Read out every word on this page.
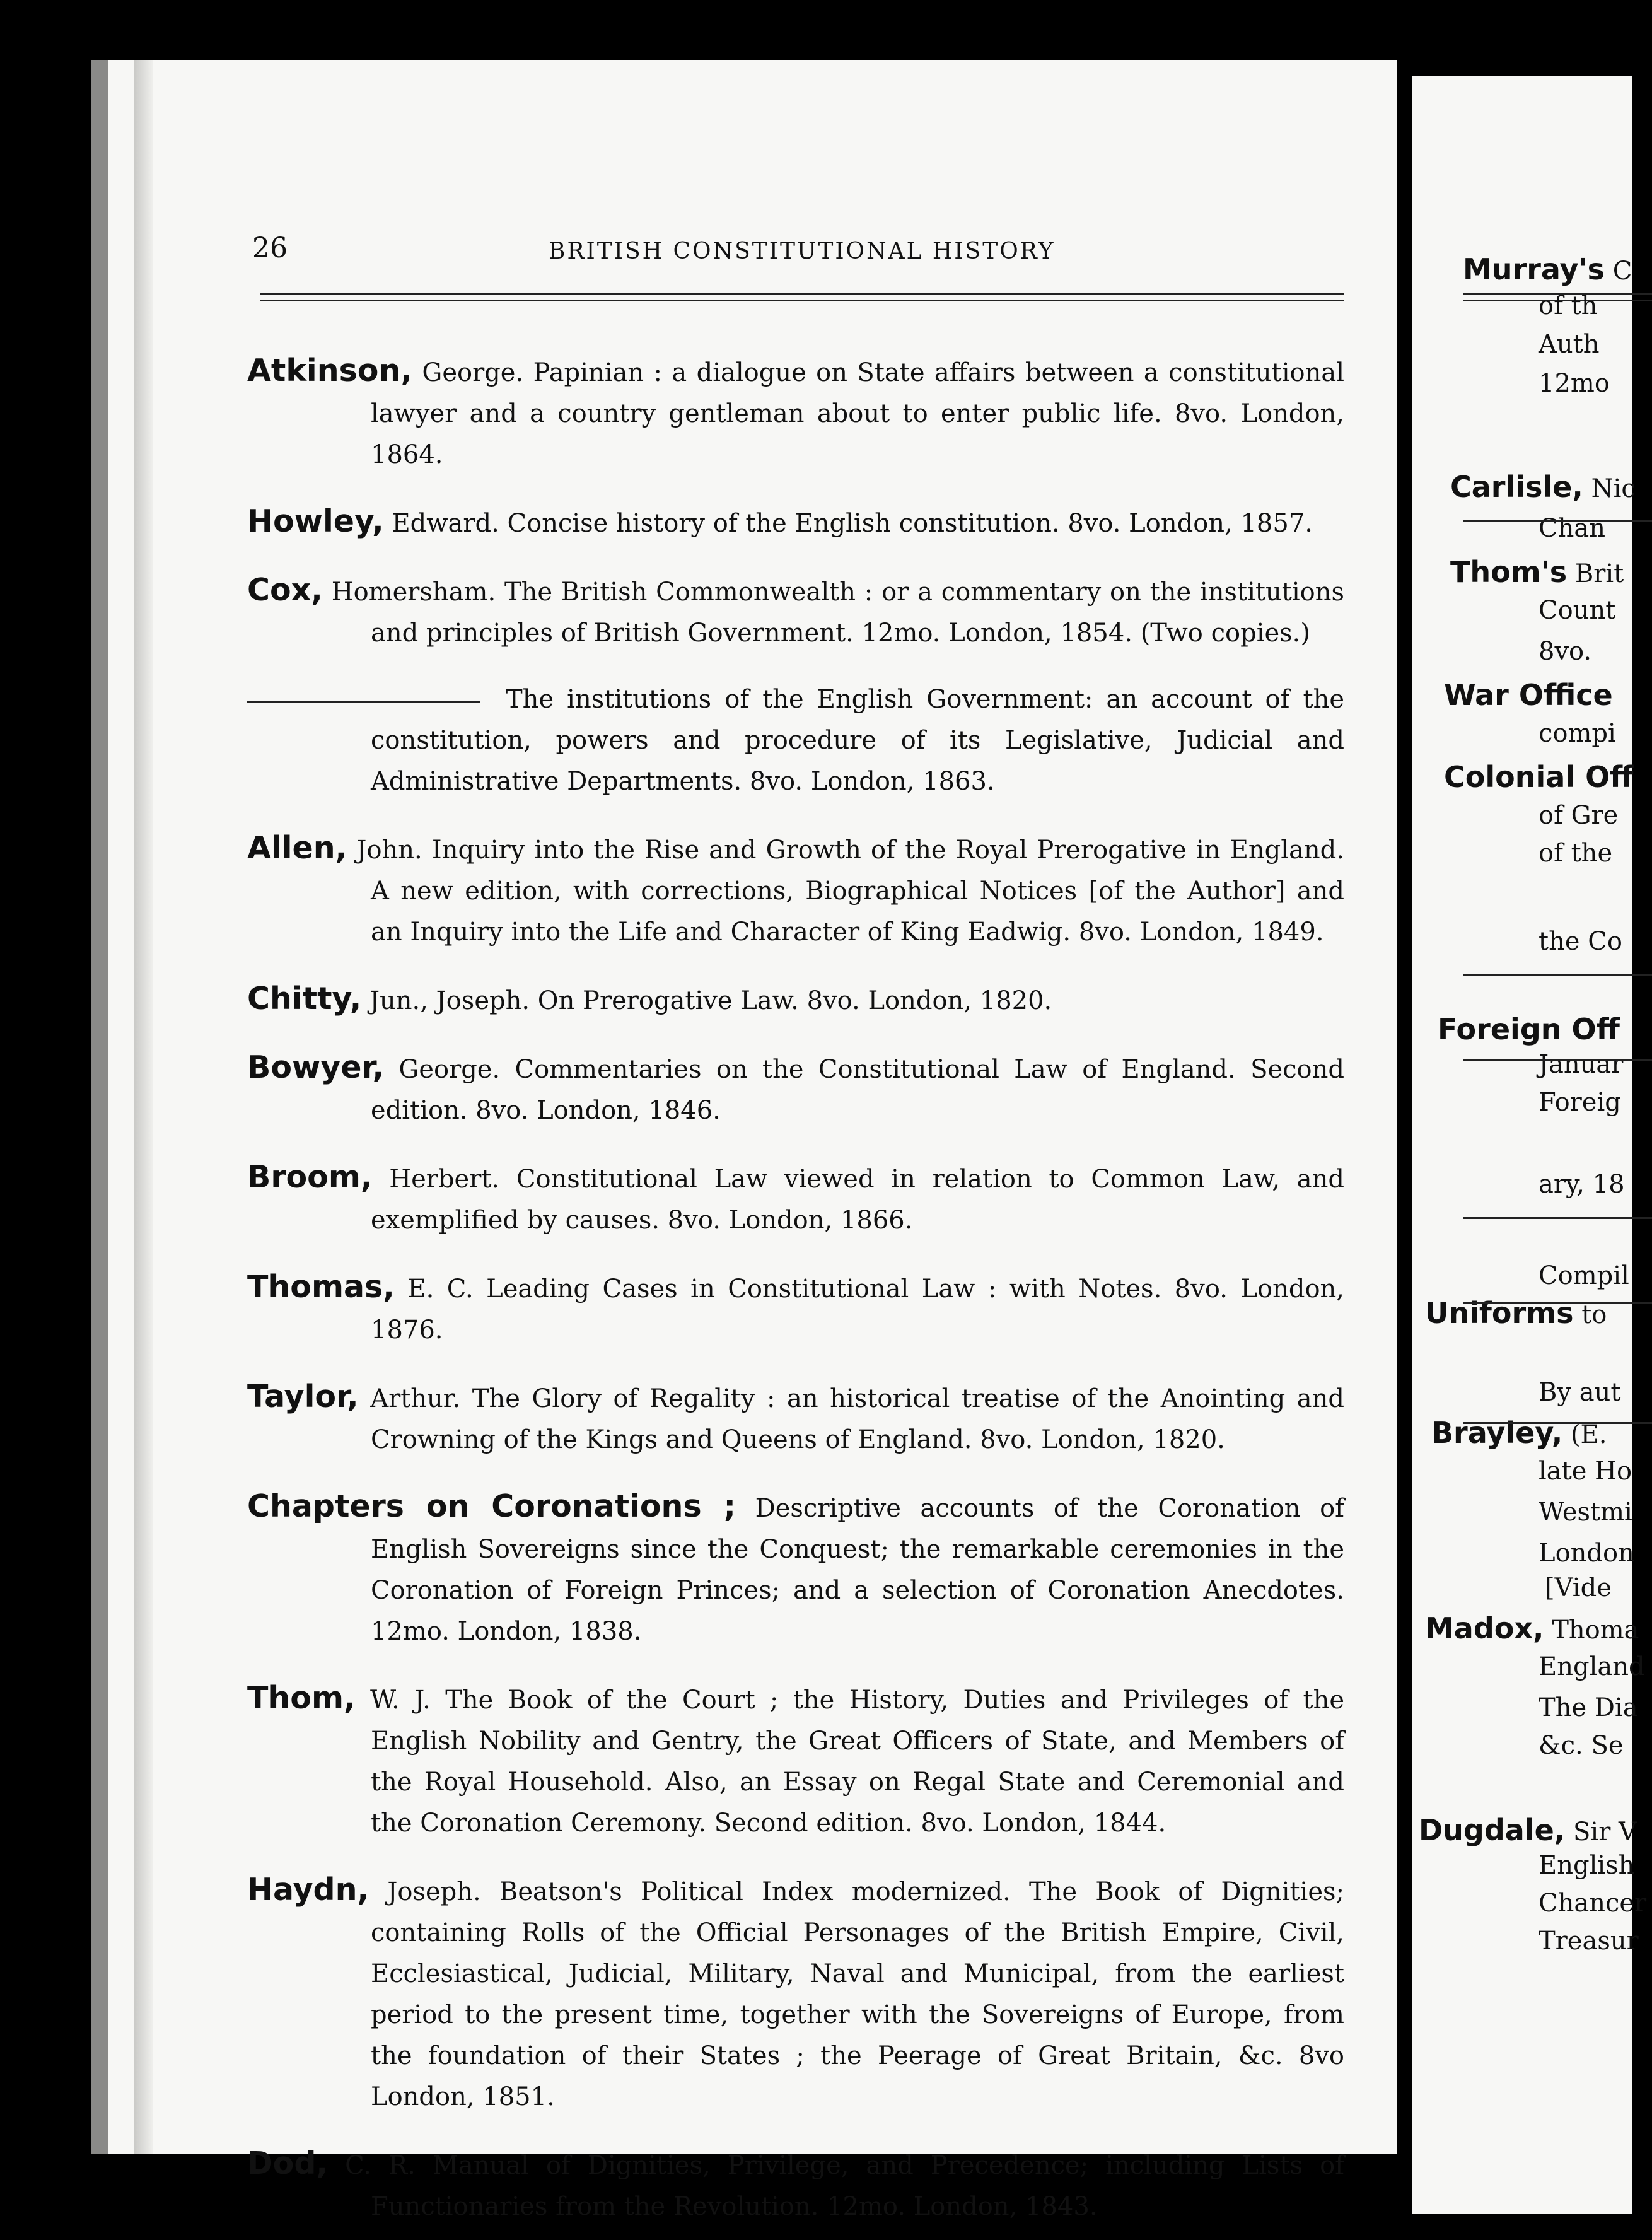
26	BRITISH CONSTITUTIONAL HISTORY

Atkinson, George. Papinian : a dialogue on State affairs between a constitutional lawyer and a country gentleman about to enter public life. 8vo. London, 1864.

Howley, Edward. Concise history of the English constitution. 8vo. London, 1857.

Cox, Homersham. The British Commonwealth : or a commentary on the institutions and principles of British Government. 12mo. London, 1854. (Two copies.)

The institutions of the English Government: an account of the constitution, powers and procedure of its Legislative, Judicial and Administrative Departments. 8vo. London, 1863.

Allen, John. Inquiry into the Rise and Growth of the Royal Prerogative in England. A new edition, with corrections, Biographical Notices [of the Author] and an Inquiry into the Life and Character of King Eadwig. 8vo. London, 1849.

Chitty, Jun., Joseph. On Prerogative Law. 8vo. London, 1820.

Bowyer, George. Commentaries on the Constitutional Law of England. Second edition. 8vo. London, 1846.

Broom, Herbert. Constitutional Law viewed in relation to Common Law, and exemplified by causes. 8vo. London, 1866.

Thomas, E. C. Leading Cases in Constitutional Law : with Notes. 8vo. London, 1876.

Taylor, Arthur. The Glory of Regality : an historical treatise of the Anointing and Crowning of the Kings and Queens of England. 8vo. London, 1820.

Chapters on Coronations ; Descriptive accounts of the Coronation of English Sovereigns since the Conquest; the remarkable ceremonies in the Coronation of Foreign Princes; and a selection of Coronation Anecdotes. 12mo. London, 1838.

Thom, W. J. The Book of the Court ; the History, Duties and Privileges of the English Nobility and Gentry, the Great Officers of State, and Members of the Royal Household. Also, an Essay on Regal State and Ceremonial and the Coronation Ceremony. Second edition. 8vo. London, 1844.

Haydn, Joseph. Beatson's Political Index modernized. The Book of Dignities; containing Rolls of the Official Personages of the British Empire, Civil, Ecclesiastical, Judicial, Military, Naval and Municipal, from the earliest period to the present time, together with the Sovereigns of Europe, from the foundation of their States ; the Peerage of Great Britain, &c. 8vo London, 1851.

Dod, C. R. Manual of Dignities, Privilege, and Precedence; including Lists of Functionaries from the Revolution. 12mo. London, 1843.

Murray's C
of th
Auth
12mo
Carlisle, Nic
Chan
Thom's Brit
Count
8vo.
War Office
compi
Colonial Off
of Gre
of the
the Co
Foreign Off
Januar
Foreig
ary, 18
Compil
Uniforms to
By aut
Brayley, (E.
late Ho
Westmi
London
[Vide
Madox, Thoma
England
The Dia
&c. Se
Dugdale, Sir V
English
Chancer
Treasur
